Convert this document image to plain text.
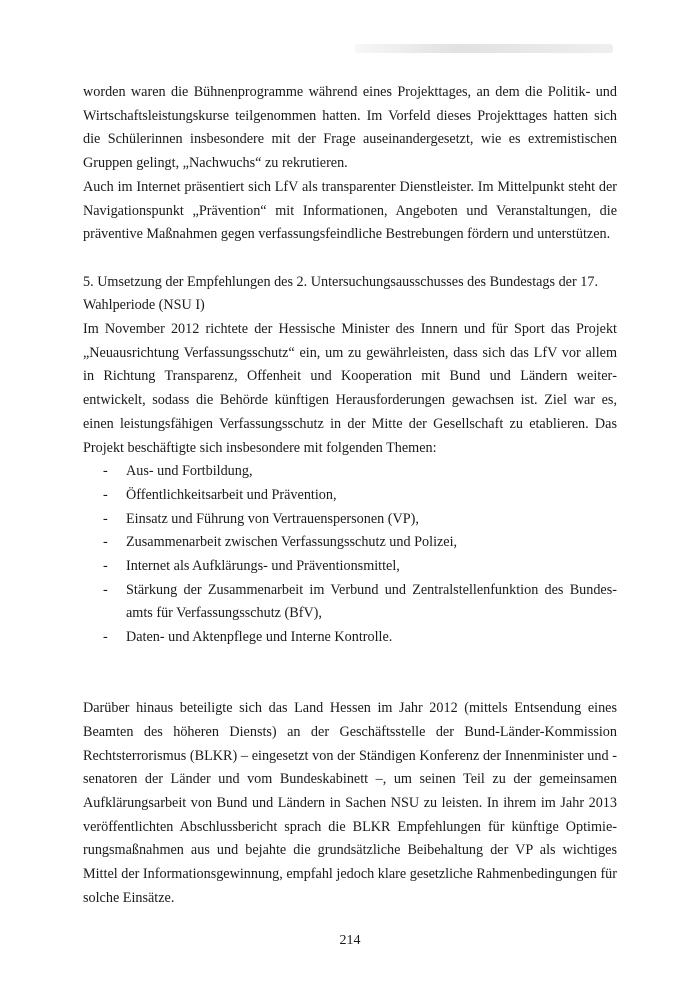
worden waren die Bühnenprogramme während eines Projekttages, an dem die Politik- und Wirtschaftsleistungskurse teilgenommen hatten. Im Vorfeld dieses Projekttages hatten sich die Schülerinnen insbesondere mit der Frage auseinandergesetzt, wie es extremistischen Gruppen gelingt, „Nachwuchs“ zu rekrutieren.

Auch im Internet präsentiert sich LfV als transparenter Dienstleister. Im Mittelpunkt steht der Navigationspunkt „Prävention“ mit Informationen, Angeboten und Veranstaltungen, die präventive Maßnahmen gegen verfassungsfeindliche Bestrebungen fördern und unterstützen.

5. Umsetzung der Empfehlungen des 2. Untersuchungsausschusses des Bundestags der 17. Wahlperiode (NSU I)

Im November 2012 richtete der Hessische Minister des Innern und für Sport das Projekt „Neuausrichtung Verfassungsschutz“ ein, um zu gewährleisten, dass sich das LfV vor allem in Richtung Transparenz, Offenheit und Kooperation mit Bund und Ländern weiterentwickelt, sodass die Behörde künftigen Herausforderungen gewachsen ist. Ziel war es, einen leistungsfähigen Verfassungsschutz in der Mitte der Gesellschaft zu etablieren. Das Projekt beschäftigte sich insbesondere mit folgenden Themen:

- Aus- und Fortbildung,
- Öffentlichkeitsarbeit und Prävention,
- Einsatz und Führung von Vertrauenspersonen (VP),
- Zusammenarbeit zwischen Verfassungsschutz und Polizei,
- Internet als Aufklärungs- und Präventionsmittel,
- Stärkung der Zusammenarbeit im Verbund und Zentralstellenfunktion des Bundesamts für Verfassungsschutz (BfV),
- Daten- und Aktenpflege und Interne Kontrolle.

Darüber hinaus beteiligte sich das Land Hessen im Jahr 2012 (mittels Entsendung eines Beamten des höheren Diensts) an der Geschäftsstelle der Bund-Länder-Kommission Rechtsterrorismus (BLKR) – eingesetzt von der Ständigen Konferenz der Innenminister und -senatoren der Länder und vom Bundeskabinett –, um seinen Teil zu der gemeinsamen Aufklärungsarbeit von Bund und Ländern in Sachen NSU zu leisten. In ihrem im Jahr 2013 veröffentlichten Abschlussbericht sprach die BLKR Empfehlungen für künftige Optimierungsmaßnahmen aus und bejahte die grundsätzliche Beibehaltung der VP als wichtiges Mittel der Informationsgewinnung, empfahl jedoch klare gesetzliche Rahmenbedingungen für solche Einsätze.

214
